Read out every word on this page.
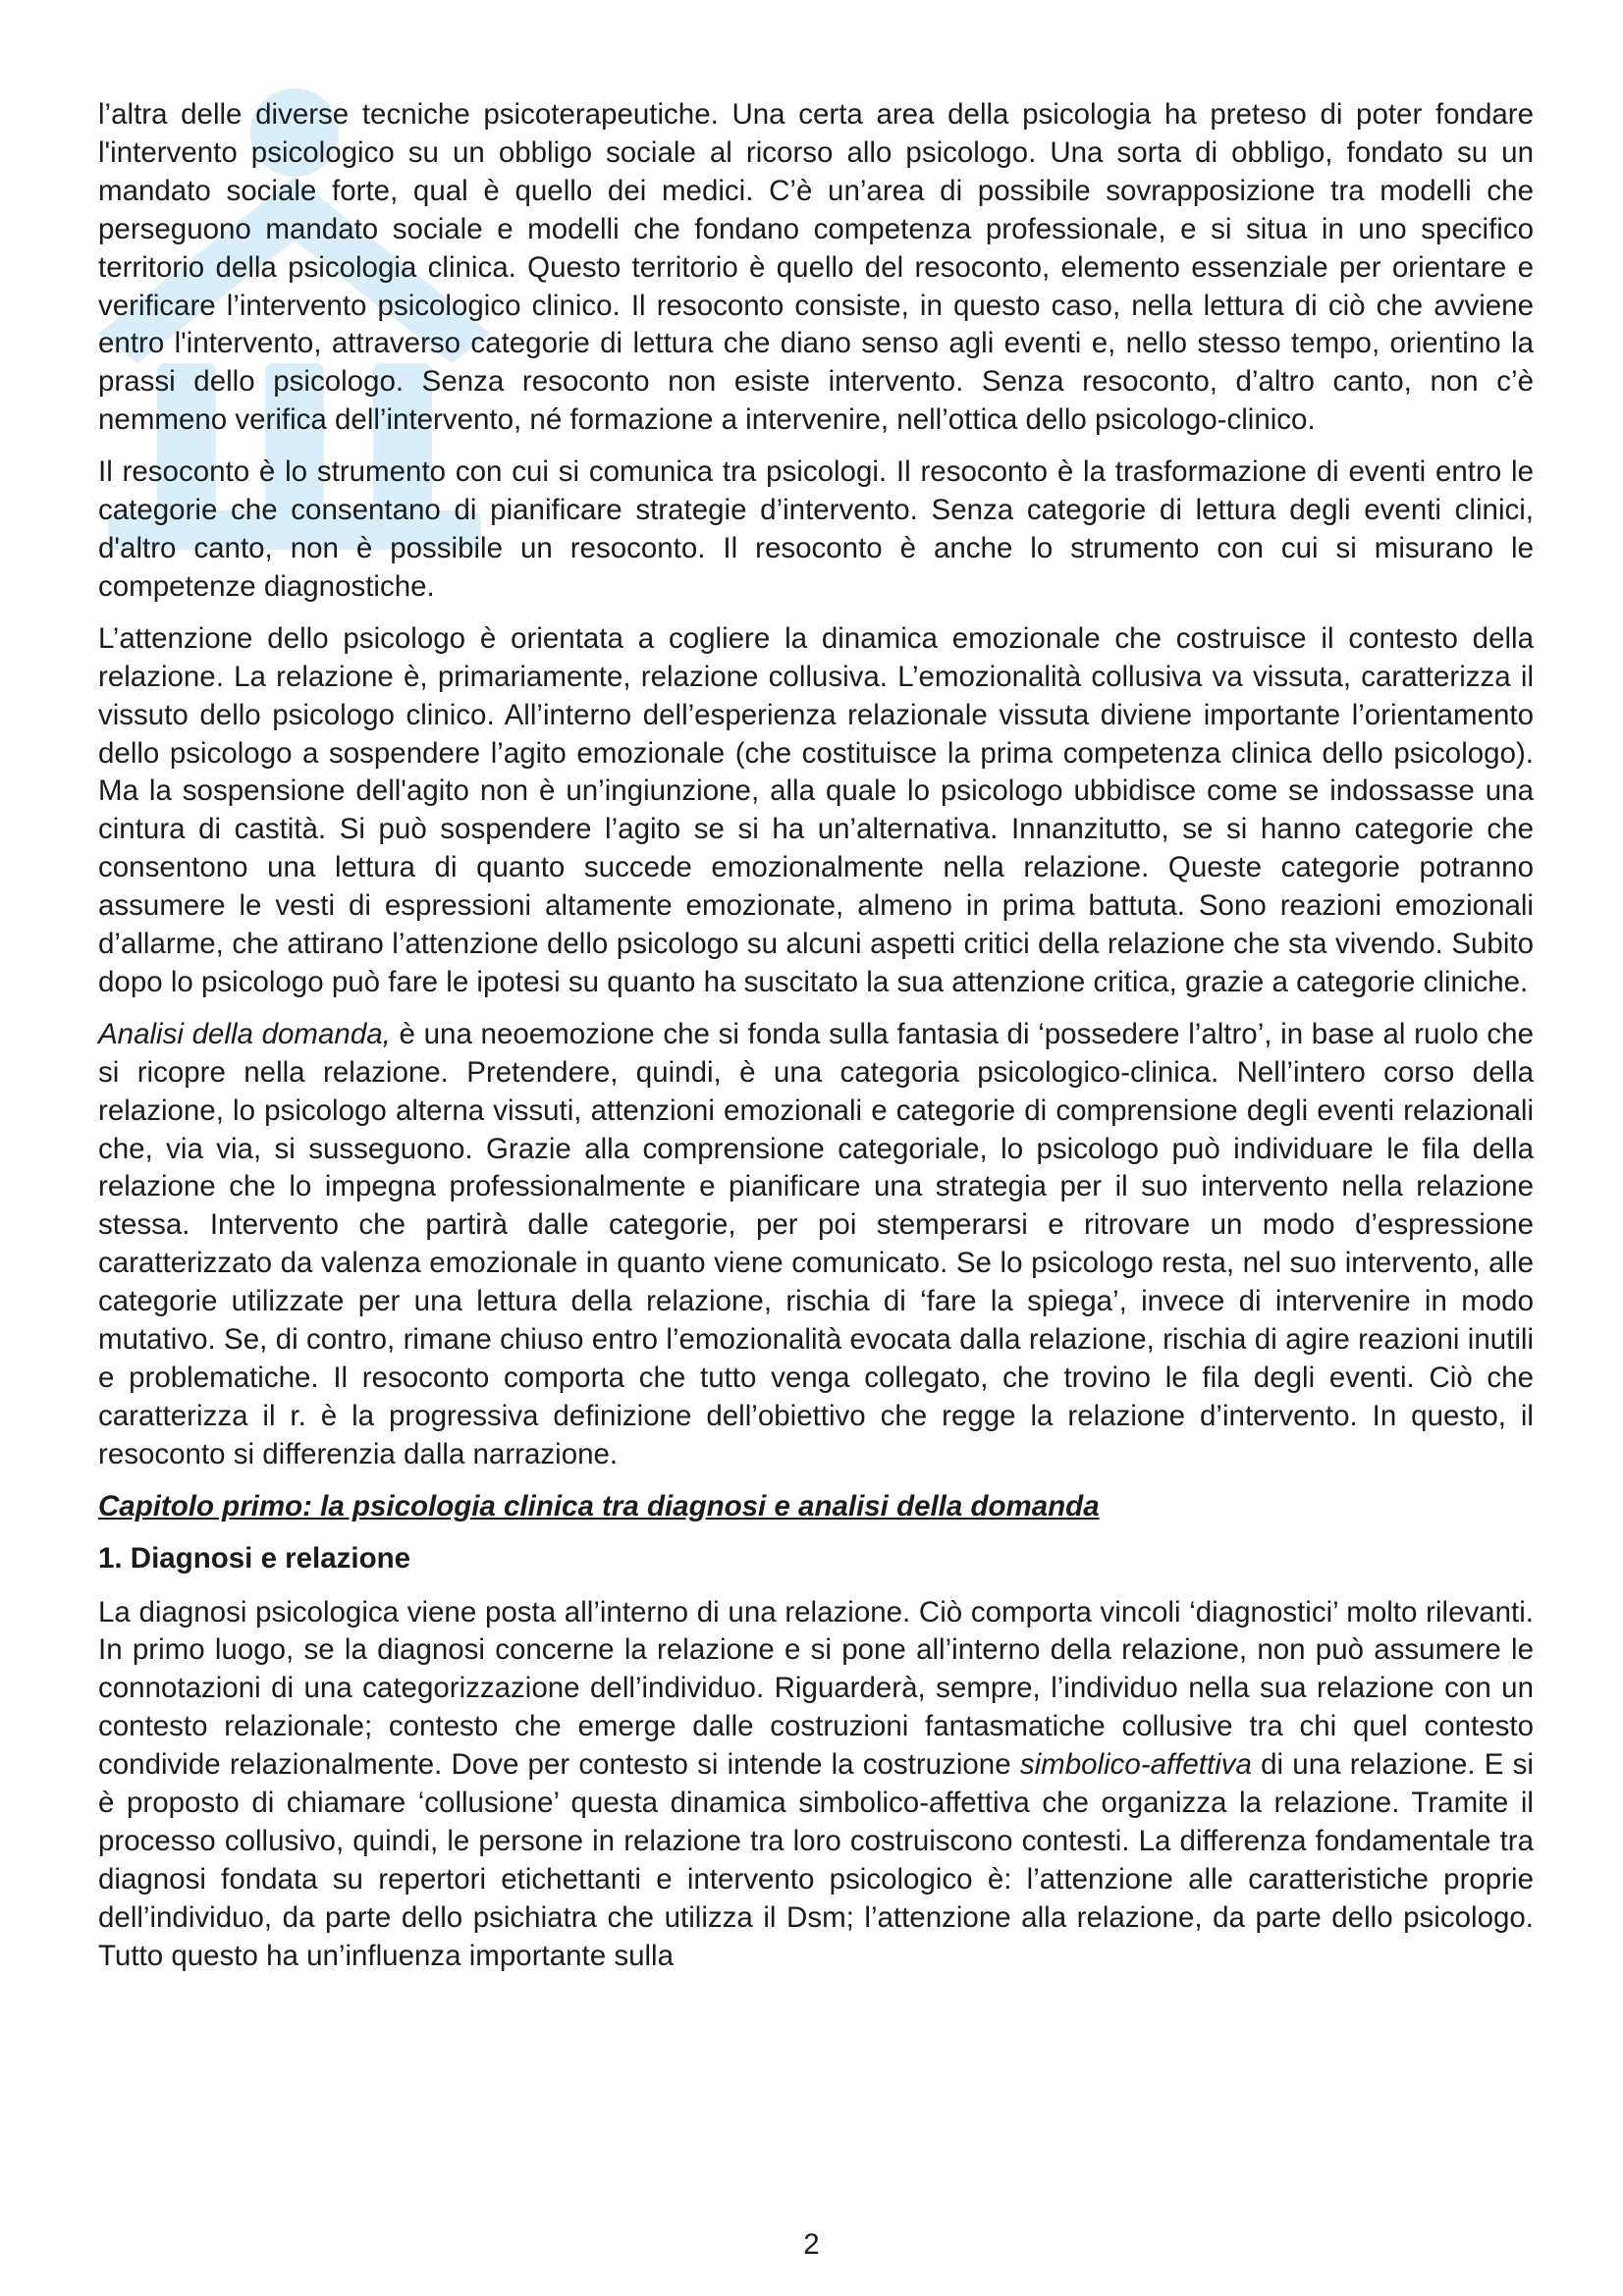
l’altra delle diverse tecniche psicoterapeutiche. Una certa area della psicologia ha preteso di poter fondare l'intervento psicologico su un obbligo sociale al ricorso allo psicologo. Una sorta di obbligo, fondato su un mandato sociale forte, qual è quello dei medici. C’è un’area di possibile sovrapposizione tra modelli che perseguono mandato sociale e modelli che fondano competenza professionale, e si situa in uno specifico territorio della psicologia clinica. Questo territorio è quello del resoconto, elemento essenziale per orientare e verificare l’intervento psicologico clinico. Il resoconto consiste, in questo caso, nella lettura di ciò che avviene entro l'intervento, attraverso categorie di lettura che diano senso agli eventi e, nello stesso tempo, orientino la prassi dello psicologo. Senza resoconto non esiste intervento. Senza resoconto, d’altro canto, non c’è nemmeno verifica dell’intervento, né formazione a intervenire, nell’ottica dello psicologo-clinico.

Il resoconto è lo strumento con cui si comunica tra psicologi. Il resoconto è la trasformazione di eventi entro le categorie che consentano di pianificare strategie d’intervento. Senza categorie di lettura degli eventi clinici, d'altro canto, non è possibile un resoconto. Il resoconto è anche lo strumento con cui si misurano le competenze diagnostiche.

L’attenzione dello psicologo è orientata a cogliere la dinamica emozionale che costruisce il contesto della relazione. La relazione è, primariamente, relazione collusiva. L’emozionalità collusiva va vissuta, caratterizza il vissuto dello psicologo clinico. All’interno dell’esperienza relazionale vissuta diviene importante l’orientamento dello psicologo a sospendere l’agito emozionale (che costituisce la prima competenza clinica dello psicologo). Ma la sospensione dell'agito non è un’ingiunzione, alla quale lo psicologo ubbidisce come se indossasse una cintura di castità. Si può sospendere l’agito se si ha un’alternativa. Innanzitutto, se si hanno categorie che consentono una lettura di quanto succede emozionalmente nella relazione. Queste categorie potranno assumere le vesti di espressioni altamente emozionate, almeno in prima battuta. Sono reazioni emozionali d’allarme, che attirano l’attenzione dello psicologo su alcuni aspetti critici della relazione che sta vivendo. Subito dopo lo psicologo può fare le ipotesi su quanto ha suscitato la sua attenzione critica, grazie a categorie cliniche.

Analisi della domanda, è una neoemozione che si fonda sulla fantasia di ‘possedere l’altro’, in base al ruolo che si ricopre nella relazione. Pretendere, quindi, è una categoria psicologico-clinica. Nell’intero corso della relazione, lo psicologo alterna vissuti, attenzioni emozionali e categorie di comprensione degli eventi relazionali che, via via, si susseguono. Grazie alla comprensione categoriale, lo psicologo può individuare le fila della relazione che lo impegna professionalmente e pianificare una strategia per il suo intervento nella relazione stessa. Intervento che partirà dalle categorie, per poi stemperarsi e ritrovare un modo d’espressione caratterizzato da valenza emozionale in quanto viene comunicato. Se lo psicologo resta, nel suo intervento, alle categorie utilizzate per una lettura della relazione, rischia di ‘fare la spiega’, invece di intervenire in modo mutativo. Se, di contro, rimane chiuso entro l’emozionalità evocata dalla relazione, rischia di agire reazioni inutili e problematiche. Il resoconto comporta che tutto venga collegato, che trovino le fila degli eventi. Ciò che caratterizza il r. è la progressiva definizione dell’obiettivo che regge la relazione d’intervento. In questo, il resoconto si differenzia dalla narrazione.

Capitolo primo: la psicologia clinica tra diagnosi e analisi della domanda

1. Diagnosi e relazione

La diagnosi psicologica viene posta all’interno di una relazione. Ciò comporta vincoli ‘diagnostici’ molto rilevanti. In primo luogo, se la diagnosi concerne la relazione e si pone all’interno della relazione, non può assumere le connotazioni di una categorizzazione dell’individuo. Riguarderà, sempre, l’individuo nella sua relazione con un contesto relazionale; contesto che emerge dalle costruzioni fantasmatiche collusive tra chi quel contesto condivide relazionalmente. Dove per contesto si intende la costruzione simbolico-affettiva di una relazione. E si è proposto di chiamare ‘collusione’ questa dinamica simbolico-affettiva che organizza la relazione. Tramite il processo collusivo, quindi, le persone in relazione tra loro costruiscono contesti. La differenza fondamentale tra diagnosi fondata su repertori etichettanti e intervento psicologico è: l’attenzione alle caratteristiche proprie dell’individuo, da parte dello psichiatra che utilizza il Dsm; l’attenzione alla relazione, da parte dello psicologo. Tutto questo ha un’influenza importante sulla

2
